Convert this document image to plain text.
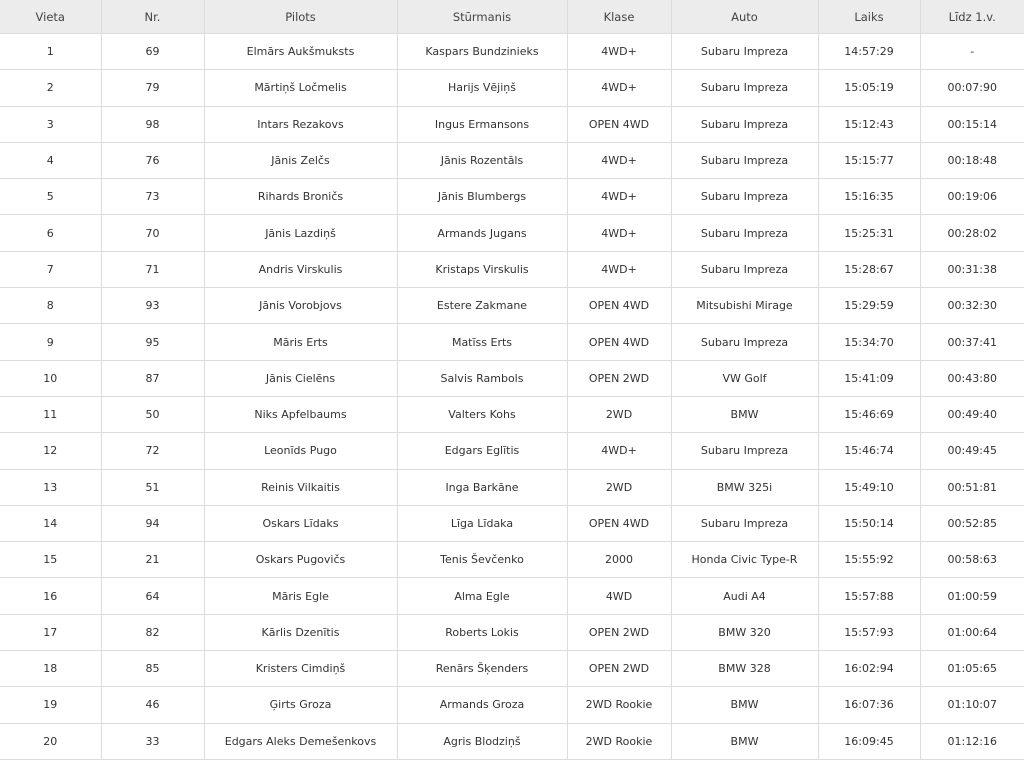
Vieta	Nr.	Pilots	Stūrmanis	Klase	Auto	Laiks	Līdz 1.v.
1	69	Elmārs Aukšmuksts	Kaspars Bundzinieks	4WD+	Subaru Impreza	14:57:29	-
2	79	Mārtiņš Ločmelis	Harijs Vējiņš	4WD+	Subaru Impreza	15:05:19	00:07:90
3	98	Intars Rezakovs	Ingus Ermansons	OPEN 4WD	Subaru Impreza	15:12:43	00:15:14
4	76	Jānis Zelčs	Jānis Rozentāls	4WD+	Subaru Impreza	15:15:77	00:18:48
5	73	Rihards Broničs	Jānis Blumbergs	4WD+	Subaru Impreza	15:16:35	00:19:06
6	70	Jānis Lazdiņš	Armands Jugans	4WD+	Subaru Impreza	15:25:31	00:28:02
7	71	Andris Virskulis	Kristaps Virskulis	4WD+	Subaru Impreza	15:28:67	00:31:38
8	93	Jānis Vorobjovs	Estere Zakmane	OPEN 4WD	Mitsubishi Mirage	15:29:59	00:32:30
9	95	Māris Erts	Matīss Erts	OPEN 4WD	Subaru Impreza	15:34:70	00:37:41
10	87	Jānis Cielēns	Salvis Rambols	OPEN 2WD	VW Golf	15:41:09	00:43:80
11	50	Niks Apfelbaums	Valters Kohs	2WD	BMW	15:46:69	00:49:40
12	72	Leonīds Pugo	Edgars Eglītis	4WD+	Subaru Impreza	15:46:74	00:49:45
13	51	Reinis Vilkaitis	Inga Barkāne	2WD	BMW 325i	15:49:10	00:51:81
14	94	Oskars Līdaks	Līga Līdaka	OPEN 4WD	Subaru Impreza	15:50:14	00:52:85
15	21	Oskars Pugovičs	Tenis Ševčenko	2000	Honda Civic Type-R	15:55:92	00:58:63
16	64	Māris Egle	Alma Egle	4WD	Audi A4	15:57:88	01:00:59
17	82	Kārlis Dzenītis	Roberts Lokis	OPEN 2WD	BMW 320	15:57:93	01:00:64
18	85	Kristers Cimdiņš	Renārs Šķenders	OPEN 2WD	BMW 328	16:02:94	01:05:65
19	46	Ģirts Groza	Armands Groza	2WD Rookie	BMW	16:07:36	01:10:07
20	33	Edgars Aleks Demešenkovs	Agris Blodziņš	2WD Rookie	BMW	16:09:45	01:12:16
